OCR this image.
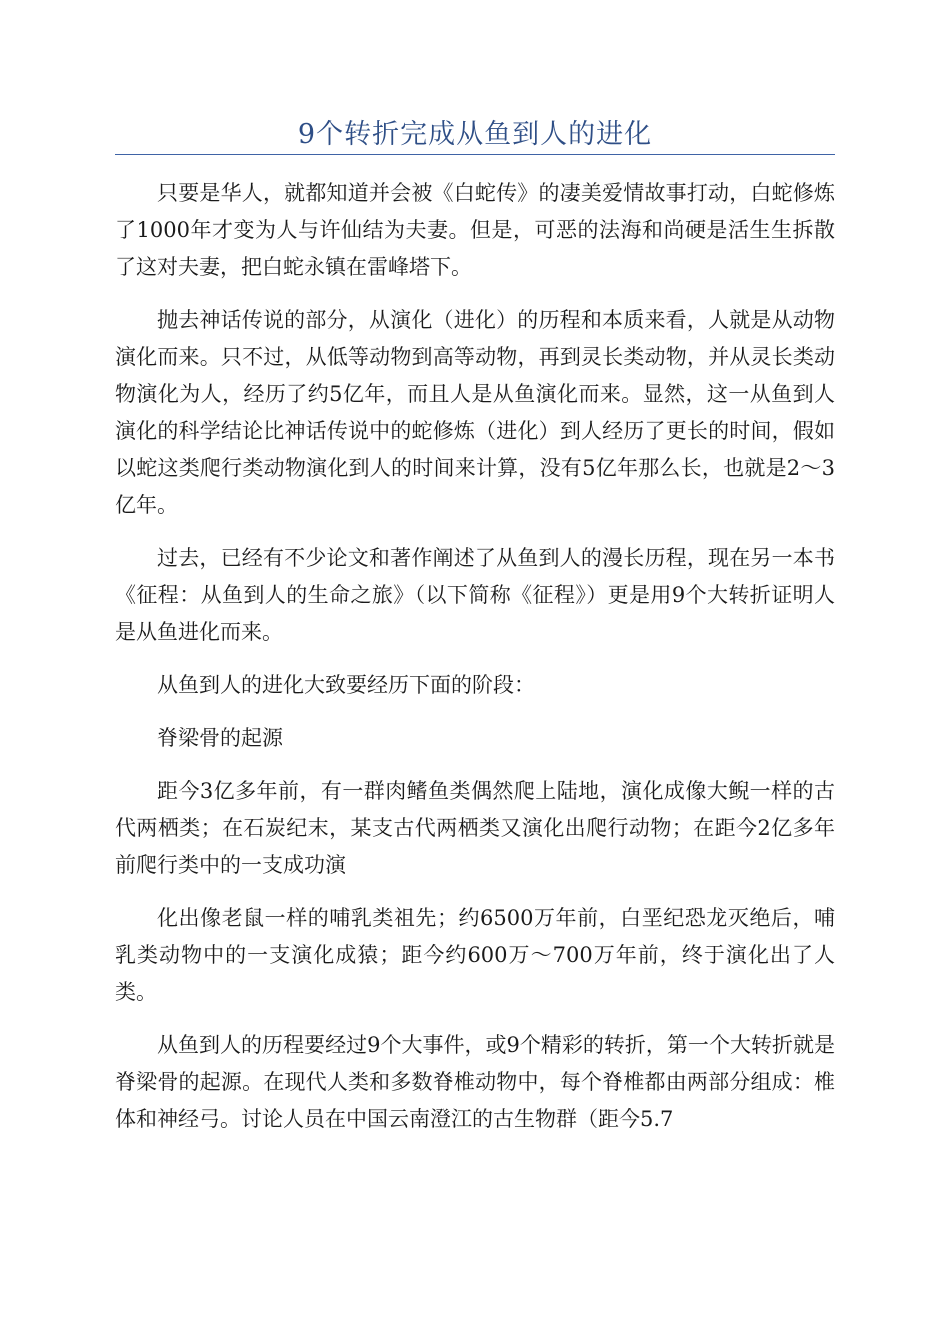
9个转折完成从鱼到人的进化

只要是华人，就都知道并会被《白蛇传》的凄美爱情故事打动，白蛇修炼了1000年才变为人与许仙结为夫妻。但是，可恶的法海和尚硬是活生生拆散了这对夫妻，把白蛇永镇在雷峰塔下。

抛去神话传说的部分，从演化（进化）的历程和本质来看，人就是从动物演化而来。只不过，从低等动物到高等动物，再到灵长类动物，并从灵长类动物演化为人，经历了约5亿年，而且人是从鱼演化而来。显然，这一从鱼到人演化的科学结论比神话传说中的蛇修炼（进化）到人经历了更长的时间，假如以蛇这类爬行类动物演化到人的时间来计算，没有5亿年那么长，也就是2～3亿年。

过去，已经有不少论文和著作阐述了从鱼到人的漫长历程，现在另一本书《征程：从鱼到人的生命之旅》（以下简称《征程》）更是用9个大转折证明人是从鱼进化而来。

从鱼到人的进化大致要经历下面的阶段：

脊梁骨的起源

距今3亿多年前，有一群肉鳍鱼类偶然爬上陆地，演化成像大鲵一样的古代两栖类；在石炭纪末，某支古代两栖类又演化出爬行动物；在距今2亿多年前爬行类中的一支成功演

化出像老鼠一样的哺乳类祖先；约6500万年前，白垩纪恐龙灭绝后，哺乳类动物中的一支演化成猿；距今约600万～700万年前，终于演化出了人类。

从鱼到人的历程要经过9个大事件，或9个精彩的转折，第一个大转折就是脊梁骨的起源。在现代人类和多数脊椎动物中，每个脊椎都由两部分组成：椎体和神经弓。讨论人员在中国云南澄江的古生物群（距今5.7
